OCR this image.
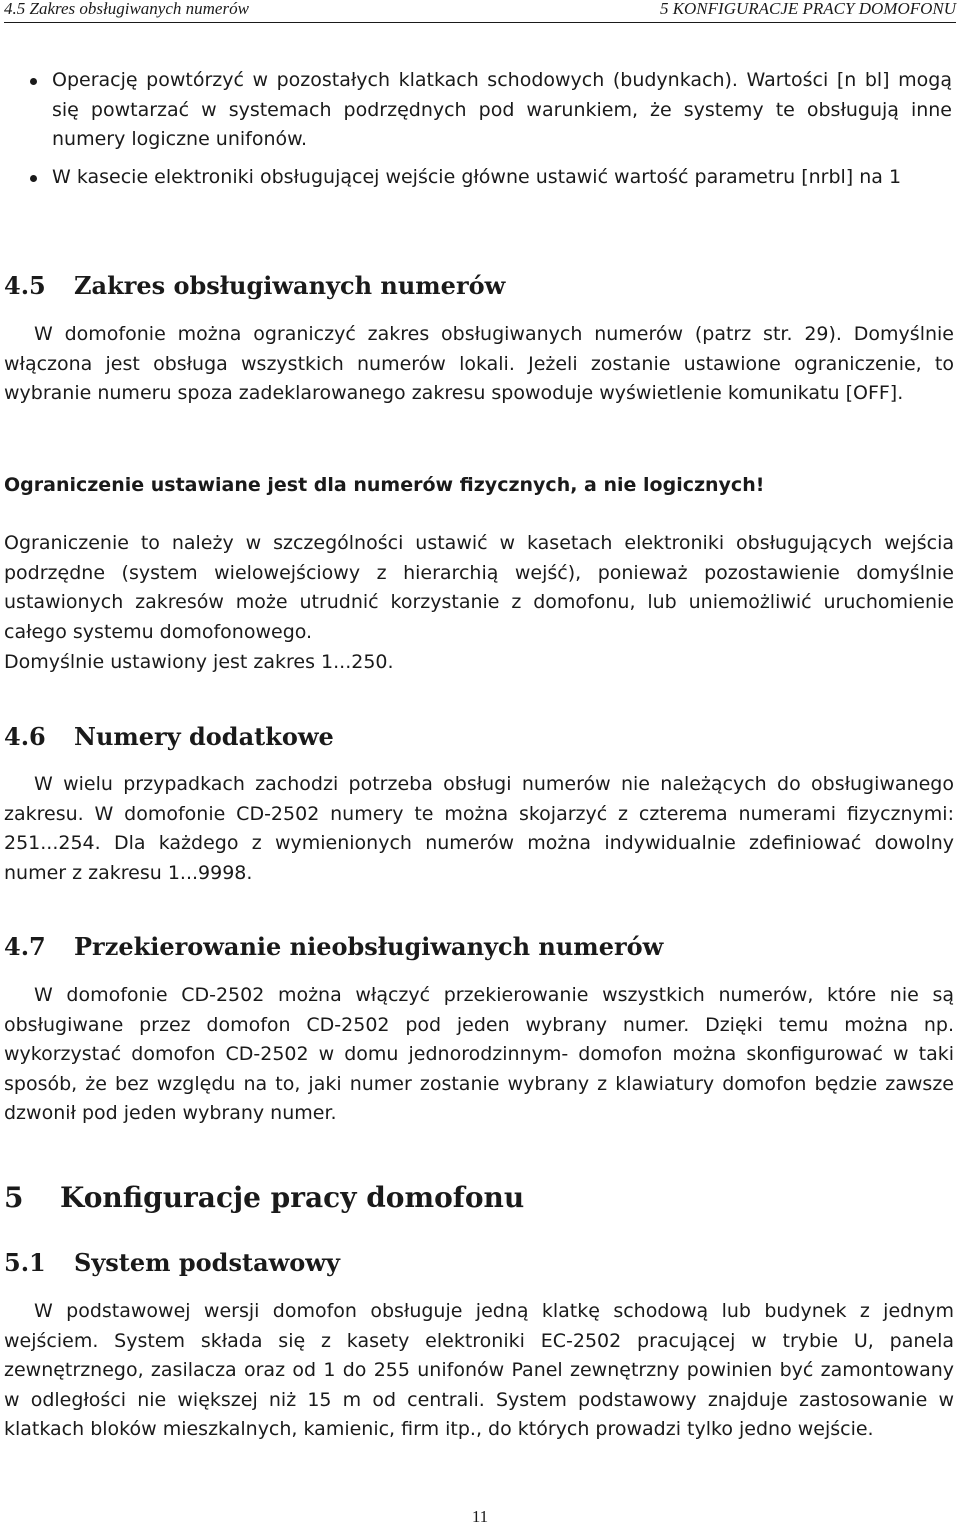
4.5 Zakres obsługiwanych numerów	5 KONFIGURACJE PRACY DOMOFONU
Operację powtórzyć w pozostałych klatkach schodowych (budynkach). Wartości [n bl] mogą się powtarzać w systemach podrzędnych pod warunkiem, że systemy te obsługują inne numery logiczne unifonów.
W kasecie elektroniki obsługującej wejście główne ustawić wartość parametru [nrbl] na 1
4.5 Zakres obsługiwanych numerów

W domofonie można ograniczyć zakres obsługiwanych numerów (patrz str. 29). Domyślnie włączona jest obsługa wszystkich numerów lokali. Jeżeli zostanie ustawione ograniczenie, to wybranie numeru spoza zadeklarowanego zakresu spowoduje wyświetlenie komunikatu [OFF].

Ograniczenie ustawiane jest dla numerów fizycznych, a nie logicznych!

Ograniczenie to należy w szczególności ustawić w kasetach elektroniki obsługujących wejścia podrzędne (system wielowejściowy z hierarchią wejść), ponieważ pozostawienie domyślnie ustawionych zakresów może utrudnić korzystanie z domofonu, lub uniemożliwić uruchomienie całego systemu domofonowego.

Domyślnie ustawiony jest zakres 1...250.

4.6 Numery dodatkowe

W wielu przypadkach zachodzi potrzeba obsługi numerów nie należących do obsługiwanego zakresu. W domofonie CD-2502 numery te można skojarzyć z czterema numerami fizycznymi: 251...254. Dla każdego z wymienionych numerów można indywidualnie zdefiniować dowolny numer z zakresu 1...9998.

4.7 Przekierowanie nieobsługiwanych numerów

W domofonie CD-2502 można włączyć przekierowanie wszystkich numerów, które nie są obsługiwane przez domofon CD-2502 pod jeden wybrany numer. Dzięki temu można np. wykorzystać domofon CD-2502 w domu jednorodzinnym- domofon można skonfigurować w taki sposób, że bez względu na to, jaki numer zostanie wybrany z klawiatury domofon będzie zawsze dzwonił pod jeden wybrany numer.

5 Konfiguracje pracy domofonu
5.1 System podstawowy

W podstawowej wersji domofon obsługuje jedną klatkę schodową lub budynek z jednym wejściem. System składa się z kasety elektroniki EC-2502 pracującej w trybie U, panela zewnętrznego, zasilacza oraz od 1 do 255 unifonów Panel zewnętrzny powinien być zamontowany w odległości nie większej niż 15 m od centrali. System podstawowy znajduje zastosowanie w klatkach bloków mieszkalnych, kamienic, firm itp., do których prowadzi tylko jedno wejście.

11
